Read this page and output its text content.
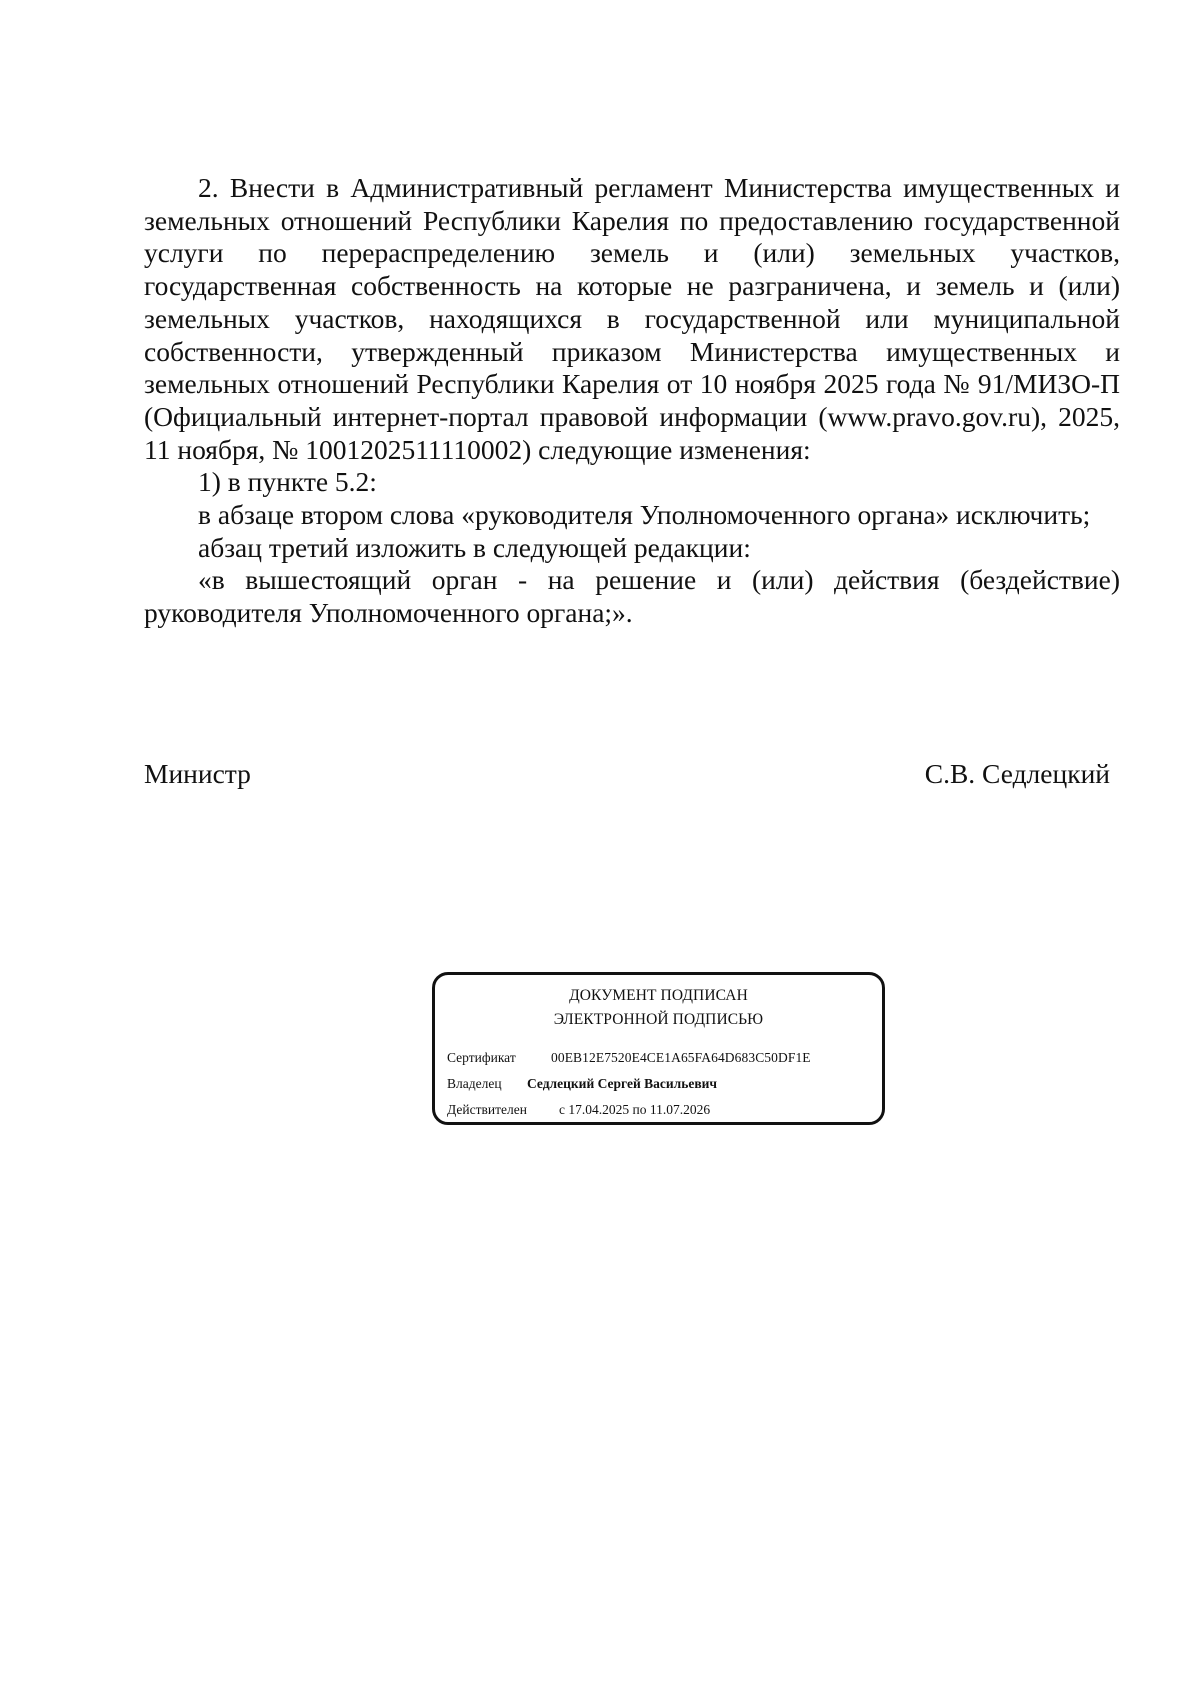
2. Внести в Административный регламент Министерства имущественных и земельных отношений Республики Карелия по предоставлению государственной услуги по перераспределению земель и (или) земельных участков, государственная собственность на которые не разграничена, и земель и (или) земельных участков, находящихся в государственной или муниципальной собственности, утвержденный приказом Министерства имущественных и земельных отношений Республики Карелия от 10 ноября 2025 года № 91/МИЗО-П (Официальный интернет-портал правовой информации (www.pravo.gov.ru), 2025, 11 ноября, № 1001202511110002) следующие изменения:

1) в пункте 5.2:

в абзаце втором слова «руководителя Уполномоченного органа» исключить;

абзац третий изложить в следующей редакции:

«в вышестоящий орган - на решение и (или) действия (бездействие) руководителя Уполномоченного органа;».

Министр	С.В. Седлецкий
ДОКУМЕНТ ПОДПИСАН
ЭЛЕКТРОННОЙ ПОДПИСЬЮ
Сертификат	00EB12E7520E4CE1A65FA64D683C50DF1E
Владелец Седлецкий Сергей Васильевич
Действителен с 17.04.2025 по 11.07.2026
